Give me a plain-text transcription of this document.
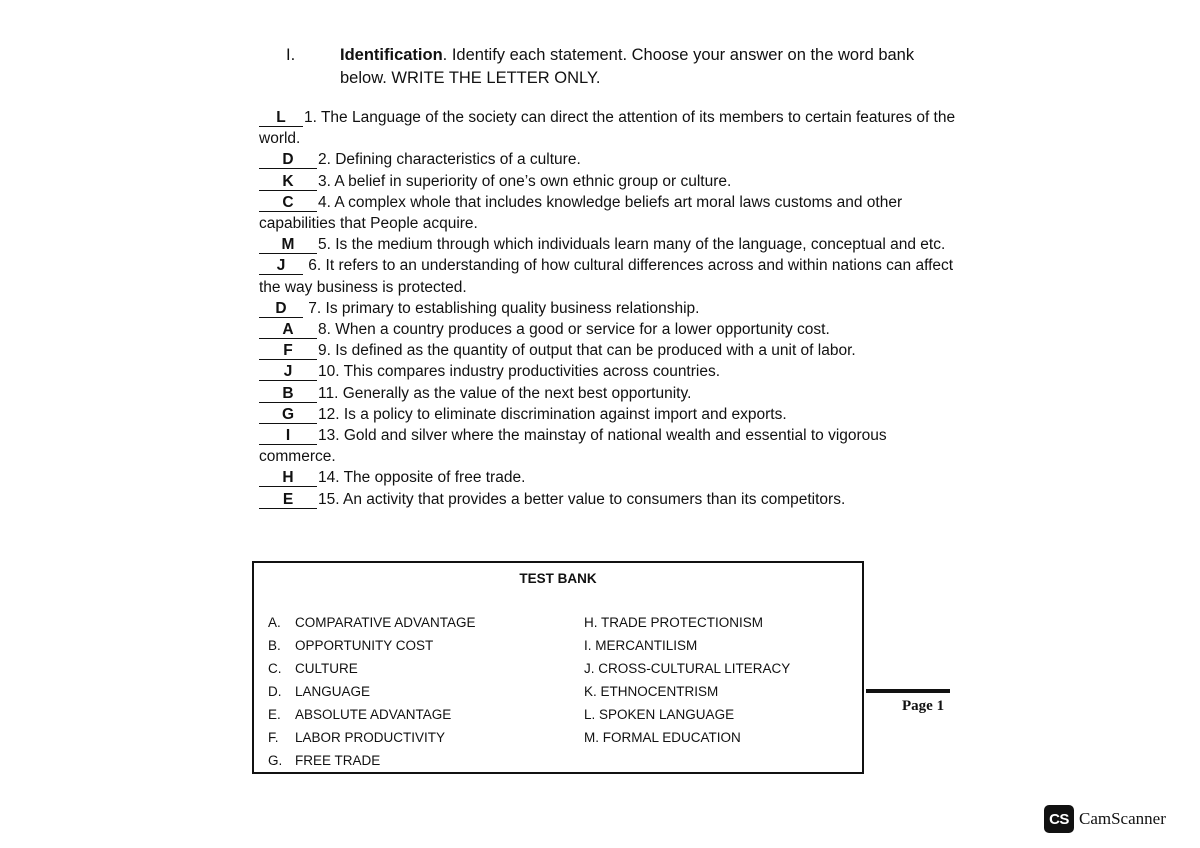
I.	Identification. Identify each statement. Choose your answer on the word bank below. WRITE THE LETTER ONLY.

L 1. The Language of the society can direct the attention of its members to certain features of the world.

D 2. Defining characteristics of a culture.

K 3. A belief in superiority of one’s own ethnic group or culture.

C 4. A complex whole that includes knowledge beliefs art moral laws customs and other capabilities that People acquire.

M 5. Is the medium through which individuals learn many of the language, conceptual and etc.

J 6. It refers to an understanding of how cultural differences across and within nations can affect the way business is protected.

D 7. Is primary to establishing quality business relationship.

A 8. When a country produces a good or service for a lower opportunity cost.

F 9. Is defined as the quantity of output that can be produced with a unit of labor.

J 10. This compares industry productivities across countries.

B 11. Generally as the value of the next best opportunity.

G 12. Is a policy to eliminate discrimination against import and exports.

I 13. Gold and silver where the mainstay of national wealth and essential to vigorous commerce.

H 14. The opposite of free trade.

E 15. An activity that provides a better value to consumers than its competitors.

TEST BANK
A. COMPARATIVE ADVANTAGE
B. OPPORTUNITY COST
C. CULTURE
D. LANGUAGE
E. ABSOLUTE ADVANTAGE
F. LABOR PRODUCTIVITY
G. FREE TRADE
H. TRADE PROTECTIONISM
I. MERCANTILISM
J. CROSS-CULTURAL LITERACY
K. ETHNOCENTRISM
L. SPOKEN LANGUAGE
M. FORMAL EDUCATION
Page 1
CS CamScanner
